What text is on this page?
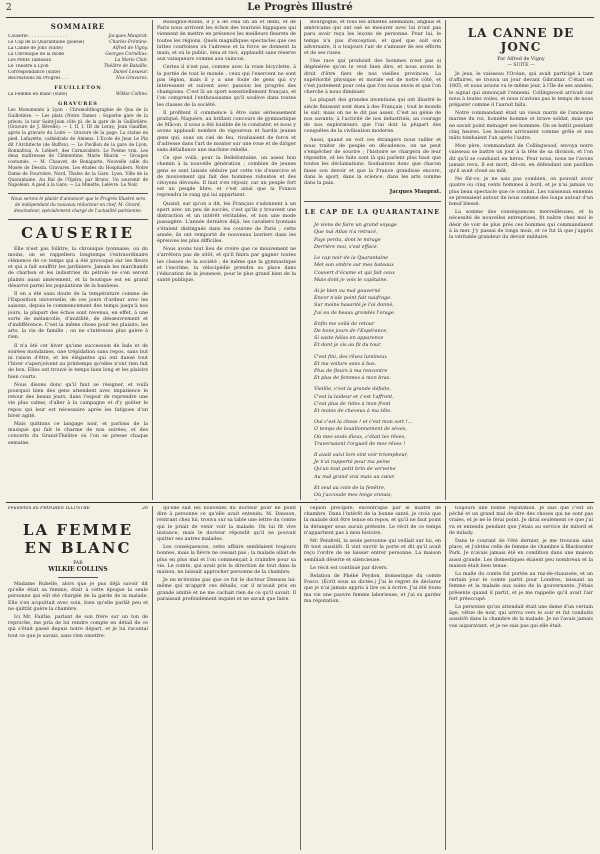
2	Le Progrès Illustré
SOMMAIRE
Causerie . . . . . . . . . . . . . .	Jacques Mauprat.
Le Cap de la Quarantaine (poésie)	Charles Frémine.
La Canne de Jonc (suite)	Alfred de Vigny.
La Chronique de la mode	Georges Cornélius.
Les Petits Tableaux	La Marie Clair.
Le Théâtre à Lyon	Théâtre de Bataille.
Correspondance (suite)	Daniel Lesueur.
Récréations du Progrès . . .	Nos Gravures.
FEUILLETON
La Femme en blanc (suite)	Wilkie Collins.
GRAVURES
Les Monuments à Lyon : Chromolithographie de Qua de la Guillotière. — Les plats (Notre Dame) : Superbe gare de la prison, la tour Saint-Jean côte pl. de la gare de la Guillotière. (Gravure de J. Bévelle). — I, II, I, III de Leray; Jean Gauffier, après la gravure du Loire — Gravure de la page. La statue en pied. Lafayette, cathédrale de Amiens. L'Ecole de Jean Le Pin dit l'Architecte (de Buffon). — Le Pavillon de la gare de Lyon, Bonnafoux, A. Liébert, des Carnavaliers. Le Poème vrai. Les deux maîtresses de Clémentine, Marie Rhurin — Groupes costumés. — M. Chauvet, de Bonaparte, Nouvelle salle du Musée de Dessin. Gravures. Les études du Hospitaliers. Notre Dame de Fourvière, Nord, Thales de la Gare. Lyon. Ville de la Quarantaine. Au Bal de l'Opéra, par Bruno. Un souvenir de Napoléon. A pied à la Gare. — La Minette, Lelèvre. Le Noir.
Nous serons le plaisir d'annoncer que le Progrès Illustré sera de indépendant du nouveau rédacteur en chef, M. Girard, dessinateur, spécialement chargé de l'actualité parisienne.
CAUSERIE

Elle n'est pas folâtre, la chronique lyonnaise, ou du moins, on se rappellera longtemps l'extraordinaire clémence de ce temps qui a été provoqué sur les fleurs et qui a fait souffrir les jardiniers. Jamais les marchands de charbon et les industries du pétrole ne s'en seront plaints aussi amèrement, et la boutique est en grand désarroi parmi les populations de la banlieue.

Il en a été sans doute de la température comme de l'Exposition universelle, de ces jours d'ardeur avec les saisons, depuis le commencement des temps jusqu'à nos jours, la plupart des échos sont revenus, en effet, à une sorte de mélancolie, d'inutilité, de désœuvrement et d'indifférence. C'est la même chose pour les plaisirs, les arts, la vie de famille ; on ne s'intéresse plus guère à rien.

Il n'a été cet hiver qu'une succession de bals et de soirées mondaines, une trépidation sans repos, sans but ni raison d'être, et les élégantes qui ont dansé tout l'hiver s'aperçoivent au printemps qu'elles n'ont rien fait de bon. Elles ont trouvé le temps bien long et les plaisirs bien courts.

Nous disons donc qu'il faut se résigner, et voilà pourquoi bien des gens attendent avec impatience le retour des beaux jours, dans l'espoir de reprendre une vie plus calme, d'aller à la campagne et d'y goûter le repos qui leur est nécessaire après les fatigues d'un hiver agité.

Mais quittons ce langage noir, et parlons de la musique qui fait le charme de nos soirées, et des concerts du Grand-Théâtre où l'on se presse chaque semaine.

Rossignol-Rollin, il y a de cela un an et demi, et de Paris nous arrivent les échos des tournois hippiques qui viennent de mettre en présence les meilleurs fleurets de toutes les régions. Quels magnifiques spectacles que ces luttes courtoises où l'adresse et la force se donnent la main, et où le public, ému et ravi, applaudit sans réserve aux vainqueurs comme aux vaincus.

Certes il n'est pas, comme avec la vraie bicyclette, à la portée de tout le monde ; ceux qui l'exercent ne sont pas légion, mais il y a une foule de gens qui s'y intéressent et suivent avec passion les progrès des champions. C'est là un sport essentiellement français, et l'on comprend l'enthousiasme qu'il soulève dans toutes les classes de la société.

Il profitent il commence à être sans sérieusement pratiqué. Naguère, au brillant concours de gymnastique de Mâcon, il nous a été loisible de le constater, et nous y avons applaudi nombre de vigoureux et hardis jeunes gens qui, sous un ciel de feu, rivalisaient de force et d'adresse dans l'art de monter sur une roue et de diriger sans défaillance une machine rebelle.

Ce que voilà, pour la Bellefontaine, un assez bon chemin à la nouvelle génération ; combien de jeunes gens se sont laissés séduire par cette vie d'exercice et de mouvement qui fait des hommes robustes et des citoyens dévoués. Il faut s'en réjouir, car un peuple fort est un peuple libre, et c'est ainsi que la France reprendra le rang qui lui appartient.

Quand, sur qu'on a dit, les Français s'adonnent à un sport avec un peu de succès, c'est qu'ils y trouvent une distraction et un intérêt véritables, et non une mode passagère. L'année dernière déjà, les cavaliers lyonnais s'étaient distingués dans les courses de Paris ; cette année, ils ont remporté de nouveaux lauriers dans les épreuves les plus difficiles.

Nous avons tout lieu de croire que ce mouvement ne s'arrêtera pas de sitôt, et qu'il finira par gagner toutes les classes de la société ; de même que la gymnastique et l'escrime, la vélocipédie prendra sa place dans l'éducation de la jeunesse, pour le plus grand bien de la santé publique.

Bourgogne, et tous les athlètes allemands, anglais et américains qui ont osé se mesurer avec lui n'ont pas paru avoir reçu les leçons de personne. Pour lui, le temps n'a pas d'exception, et quel que soit son adversaire, il a toujours l'air de s'amuser de ses efforts et de ses ruses.

Une race qui produisit des hommes n'est pas si dégénérée qu'on le veut bien dire, et nous avons le droit d'être fiers de nos vieilles provinces. La supériorité physique et morale est de notre côté, et c'est justement pour cela que l'on nous envie et que l'on cherche à nous diminuer.

La plupart des grandes inventions qui ont illustré le siècle finissant sont dues à des Français ; tout le monde le sait, mais on ne le dit pas assez. C'est au génie de nos savants, à l'activité de nos industriels, au courage de nos explorateurs que l'on doit la plupart des conquêtes de la civilisation moderne.

Aussi, quand on voit ces étrangers nous railler et nous traiter de peuple en décadence, on ne peut s'empêcher de sourire ; l'histoire se chargera de leur répondre, et les faits sont là qui parlent plus haut que toutes les déclamations. Souhaitons donc que chacun fasse son devoir et que la France grandisse encore, dans le sport, dans la science, dans les arts comme dans la paix.

Jacques Mauprat.
LE CAP DE LA QUARANTAINE
Je viens de faire un grand voyage
Que nul Atlas n'a retracé,
Pays perdu, dont le mirage
Derrière moi, s'est effacé.
Le cap noir de la Quarantaine
Met son ombre sur mes bateaux
Couvert d'écume et qui fait ceux
Mais dont je vois le capitaine.
Ai-je bien vu mal gouverné
Encor n'aïe point fait naufrage.
Sur moins hasardé je l'ai donné,
J'ai eu de beaux grondés l'orage.
Enfin me voilà de retour
De bons jours de l'Espérance,
Si vaste hélas en apparence
Et dont je vis au fil du tour.
C'est fini, des rêves lumineux
Et ma voilure sans à bas.
Plus de fleurs à ma rencontre
Et plus de femmes à mon bras.
Vieillie, c'est la grande défaite,
C'est la laideur et c'est l'affront,
C'est plus de rides à mon front
Et moins de cheveux à ma tête.
Oui c'est la chose ! et c'est mon sort !…
O temps de bouillonnement de sèves,
Où mes seuls dieux, c'était les rêves,
Traversaient l'orgueil de mes rêves !
Il avait suivi lors vint voir triompheur,
Je n'ai rapporté pour ma peine
Qu'un tout petit brin de verveine
Au mal grand vrai mais au cœur.
Et seul au coin de la fenêtre,
Où j'accoude mes longs ennuis,
LA CANNE DE JONC
Par Alfred de Vigny
— SUITE —

Je jeus, le vaisseau l'Océan, qui avait participé à tant d'affaires, se trouva un jour devant Gibraltar. C'était en 1805, et nous avions vu le même jour, à l'île de ses années, le signal qui annonçait l'ennemi. Collingwood arrivait sur nous à toutes voiles, et nous n'avions pas le temps de nous préparer comme il l'aurait fallu.

Notre commandant était un vieux marin de l'ancienne marine du roi, honnête homme et brave soldat, mais qui ne savait point ménager ses hommes. On se battit pendant cinq heures. Les boulets arrivaient comme grêle et nos mâts tombaient l'un après l'autre.

Mon père, commandant de Collingwood, envoya notre vaisseau se battre un jour à la tête de sa division, et l'on dit qu'il se conduisit en héros. Pour nous, nous ne l'avons jamais revu. Il est mort, dit-on, en défendant son pavillon qu'il avait cloué au mât.

Ne fût-ce, je ne sais pas combien, on pouvait avoir quatre ou cinq cents hommes à bord, et je n'ai jamais vu plus beau spectacle que ce combat. Les vaisseaux ennemis se pressaient autour de nous comme des loups autour d'un bœuf blessé.

La somme des conséquences merveilleuses, et la nécessité de nouvelles entreprises, fit naître chez moi le désir de voir de plus près ces hommes qui commandaient à la mer. J'y passai de longs mois, et ce fut là que j'appris la véritable grandeur du devoir militaire.

Feuilleton du PROGRÈS ILLUSTRÉ	26
LA FEMME EN BLANC
PAR
WILKIE COLLINS

Madame Rubelle, alors que je pus déjà savoir dit qu'elle était sa femme, était à cette époque la seule personne qui eût été chargée de la garde de la malade. Elle s'en acquittait avec soin, bien qu'elle parlât peu et ne quittât guère la chambre.

Ici Mr. Fairlie, parlant de son frère sur un ton de reproche, me pria de lui rendre compte en détail de ce qui s'était passé depuis notre départ, et je lui racontai tout ce que je savais, sans rien omettre.

qu'elle sait les nouvelles du docteur pour ne point dire à personne ce qu'elle avait entendu. M. Dawson, rentrant chez lui, trouva sur sa table une lettre du comte qui le priait de venir voir la malade. On lui fit vive instance, mais le docteur répondit qu'il ne pouvait quitter ses autres malades.

Les conséquences, cette affaire semblaient toujours bonnes, mais la fièvre ne cessait pas ; la malade allait de plus en plus mal et l'on commençait à craindre pour sa vie. Le comte, qui avait pris la direction de tout dans la maison, ne laissait approcher personne de la chambre.

Je ne m'étonne pas que ce fut le docteur Dawson lui-même qui m'apprit ces détails, car il m'avait pris en grande amitié et ne me cachait rien de ce qu'il savait. Il paraissait profondément inquiet et ne savait que faire.

cepion précipité, excentrique par le maître de chambre. Dans l'intérêt de la bonne santé, je crois que la malade doit être tenue en repos, et qu'il ne faut point la déranger sous aucun prétexte. Le récit de ce temps n'appartient pas à mon histoire.

Mr. Pendrell, la seule personne qui veillait sur lui, en fit tout aussitôt. Il vint ouvrir la porte et dit qu'il avait reçu l'ordre de ne laisser entrer personne. La maison semblait déserte et silencieuse.

Le récit est continué par divers.

Relation de Phébé Peydon, domestique du comte Fosco. (Écrit sous sa dictée.) J'ai le regret de déclarer que je n'ai jamais appris à lire ou à écrire. J'ai été toute ma vie une pauvre femme laborieuse, et j'ai su garder ma réputation.

toujours une bonne réputation. Je sais que c'est un péché et un grand mal de dire des choses qui ne sont pas vraies, et je ne le ferai point. Je dirai seulement ce que j'ai vu et entendu pendant que j'étais au service de milord et de milady.

Dans le courant de l'été dernier, je me trouvais sans place, et j'obtins celle de femme de chambre à Blackwater Park. Je n'avais jamais été en condition dans une maison aussi grande. Les domestiques étaient peu nombreux et la maison était bien tenue.

La malle du comte fut portée au rez-de-chaussée, et un certain jour le comte partit pour Londres, laissant sa femme et la malade aux soins de la gouvernante. J'étais présente quand il partit, et je me rappelle qu'il avait l'air fort préoccupé.

La personne qu'on attendait était une dame d'un certain âge, vêtue de noir, qui arriva vers le soir et fut conduite aussitôt dans la chambre de la malade. Je ne l'avais jamais vue auparavant, et je ne sais pas qui elle était.
